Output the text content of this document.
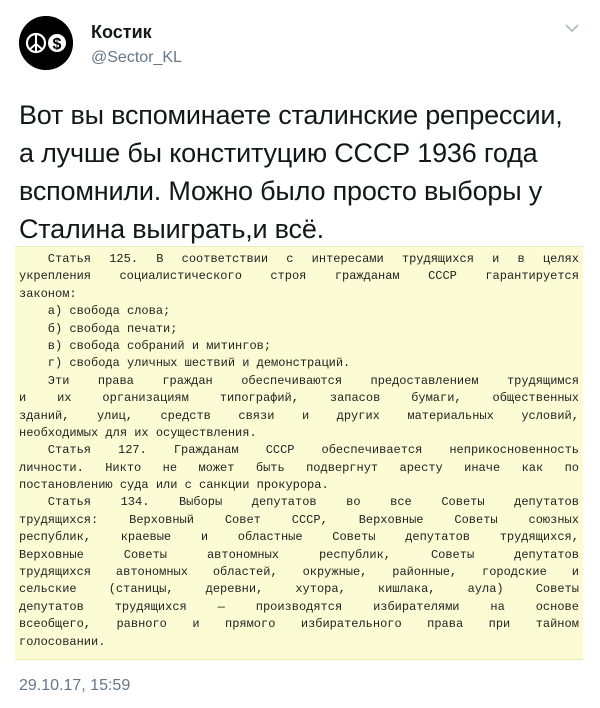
$
Костик
@Sector_KL
Вот вы вспоминаете сталинские репрессии, а лучше бы конституцию СССР 1936 года вспомнили. Можно было просто выборы у Сталина выиграть,и всё.
Статья 125. В соответствии с интересами трудящихся и в целях
укрепления социалистического строя гражданам СССР гарантируется
законом:
а) свобода слова;
б) свобода печати;
в) свобода собраний и митингов;
г) свобода уличных шествий и демонстраций.
Эти права граждан обеспечиваются предоставлением трудящимся
и	их	организациям	типографий,	запасов	бумаги,	общественных
зданий, улиц, средств связи и других материальных условий,
необходимых для их осуществления.
Статья 127. Гражданам СССР обеспечивается неприкосновенность
личности. Никто не может быть подвергнут аресту иначе как по
постановлению суда или с санкции прокурора.
Статья 134. Выборы депутатов во все Советы депутатов
трудящихся:	Верховный	Совет	СССР,	Верховные	Советы	союзных
республик, краевые и областные Советы депутатов трудящихся,
Верховные	Советы	автономных	республик,	Советы	депутатов
трудящихся автономных областей, окружные, районные, городские и
сельские	(станицы,	деревни,	хутора,	кишлака,	аула)	Советы
депутатов	трудящихся	—	производятся	избирателями	на	основе
всеобщего, равного и прямого избирательного права при тайном
голосовании.
29.10.17, 15:59
